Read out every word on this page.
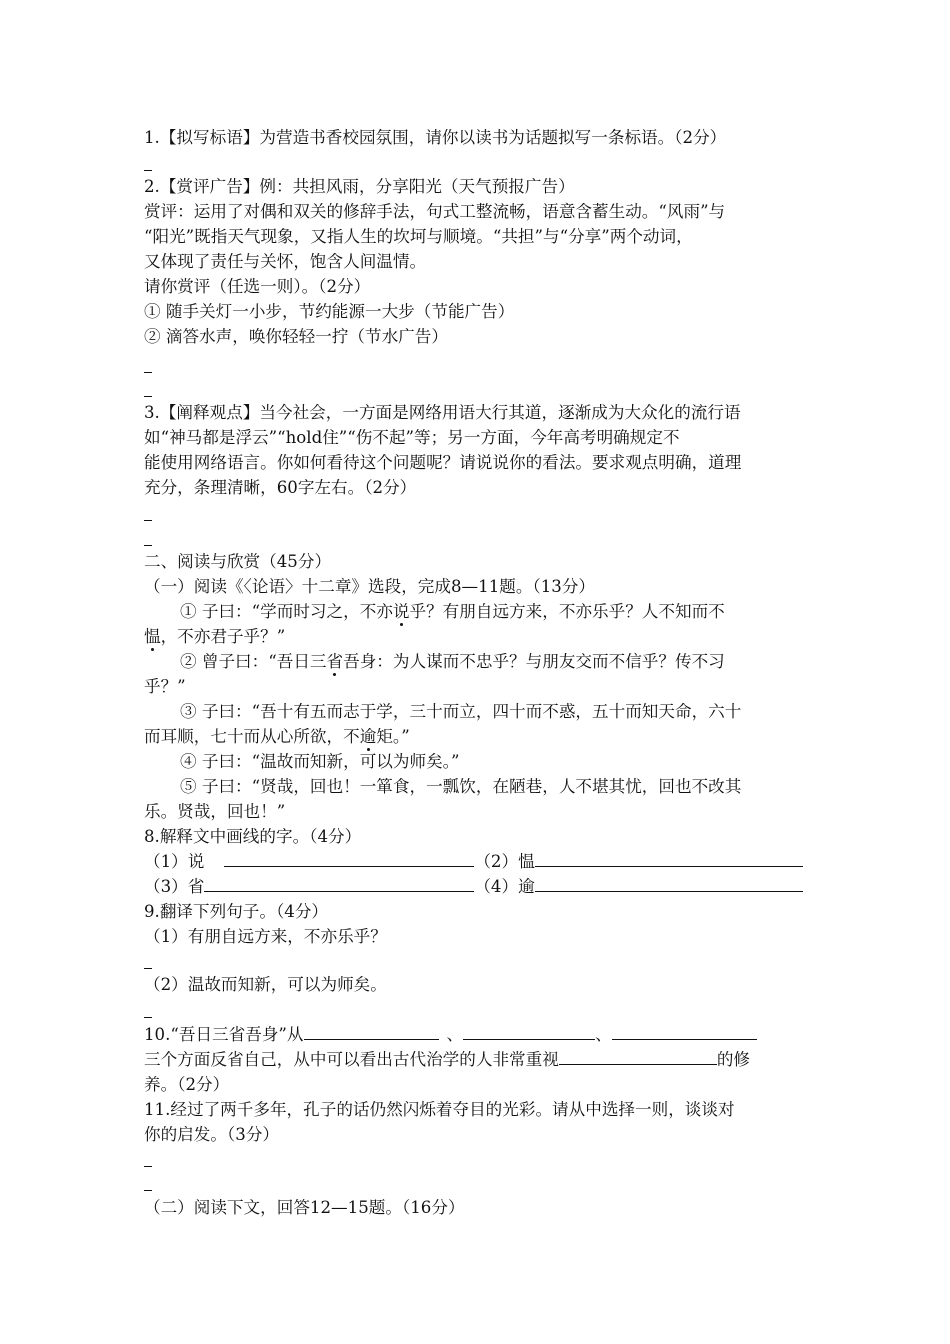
1.【拟写标语】为营造书香校园氛围，请你以读书为话题拟写一条标语。（2分）
2.【赏评广告】例：共担风雨，分享阳光（天气预报广告）
赏评：运用了对偶和双关的修辞手法，句式工整流畅，语意含蓄生动。“风雨”与
“阳光”既指天气现象，又指人生的坎坷与顺境。“共担”与“分享”两个动词，
又体现了责任与关怀，饱含人间温情。
请你赏评（任选一则）。（2分）
① 随手关灯一小步，节约能源一大步（节能广告）
② 滴答水声，唤你轻轻一拧（节水广告）
3.【阐释观点】当今社会，一方面是网络用语大行其道，逐渐成为大众化的流行语
如“神马都是浮云”“hold住”“伤不起”等；另一方面，今年高考明确规定不
能使用网络语言。你如何看待这个问题呢？请说说你的看法。要求观点明确，道理
充分，条理清晰，60字左右。（2分）
二、阅读与欣赏（45分）
（一）阅读《〈论语〉十二章》选段，完成8—11题。（13分）
① 子曰：“学而时习之，不亦说乎？有朋自远方来，不亦乐乎？人不知而不
愠，不亦君子乎？”
② 曾子曰：“吾日三省吾身：为人谋而不忠乎？与朋友交而不信乎？传不习
乎？”
③ 子曰：“吾十有五而志于学，三十而立，四十而不惑，五十而知天命，六十
而耳顺，七十而从心所欲，不逾矩。”
④ 子曰：“温故而知新，可以为师矣。”
⑤ 子曰：“贤哉，回也！一箪食，一瓢饮，在陋巷，人不堪其忧，回也不改其
乐。贤哉，回也！”
8.解释文中画线的字。（4分）
（1）说	（2）愠
（3）省	（4）逾
9.翻译下列句子。（4分）
（1）有朋自远方来，不亦乐乎？
（2）温故而知新，可以为师矣。
10.“吾日三省吾身”从	、	、
三个方面反省自己，从中可以看出古代治学的人非常重视	的修
养。（2分）
11.经过了两千多年，孔子的话仍然闪烁着夺目的光彩。请从中选择一则，谈谈对
你的启发。（3分）
（二）阅读下文，回答12—15题。（16分）
